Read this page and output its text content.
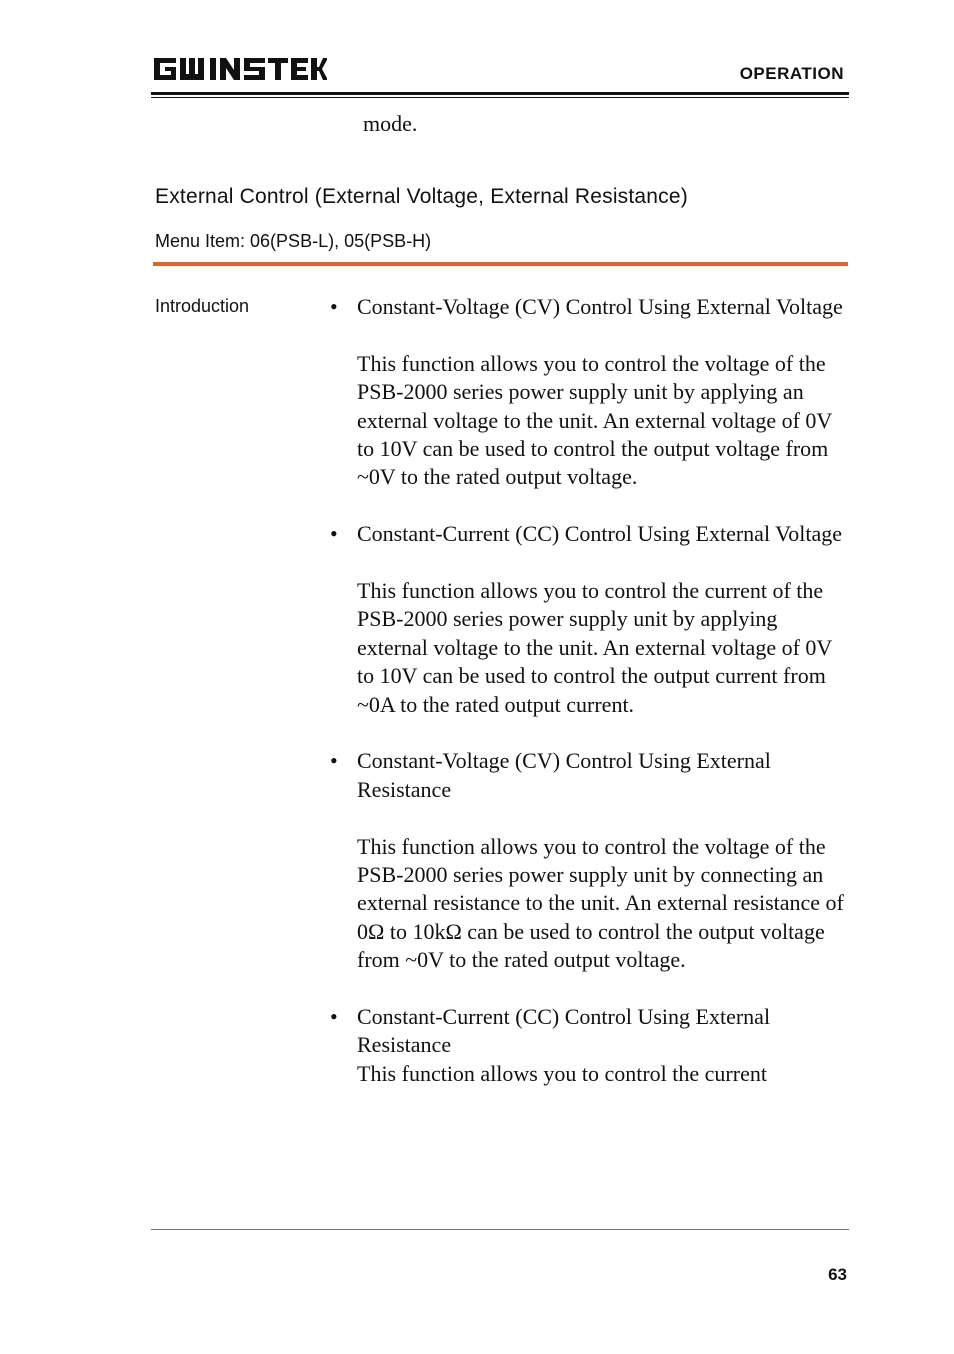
OPERATION
mode.
External Control (External Voltage, External Resistance)
Menu Item: 06(PSB-L), 05(PSB-H)
Introduction	• Constant-Voltage (CV) Control Using External Voltage

This function allows you to control the voltage of the PSB-2000 series power supply unit by applying an external voltage to the unit. An external voltage of 0V to 10V can be used to control the output voltage from ~0V to the rated output voltage.

• Constant-Current (CC) Control Using External Voltage

This function allows you to control the current of the PSB-2000 series power supply unit by applying external voltage to the unit. An external voltage of 0V to 10V can be used to control the output current from ~0A to the rated output current.

• Constant-Voltage (CV) Control Using External Resistance

This function allows you to control the voltage of the PSB-2000 series power supply unit by connecting an external resistance to the unit. An external resistance of 0Ω to 10kΩ can be used to control the output voltage from ~0V to the rated output voltage.

• Constant-Current (CC) Control Using External Resistance

This function allows you to control the current

63
